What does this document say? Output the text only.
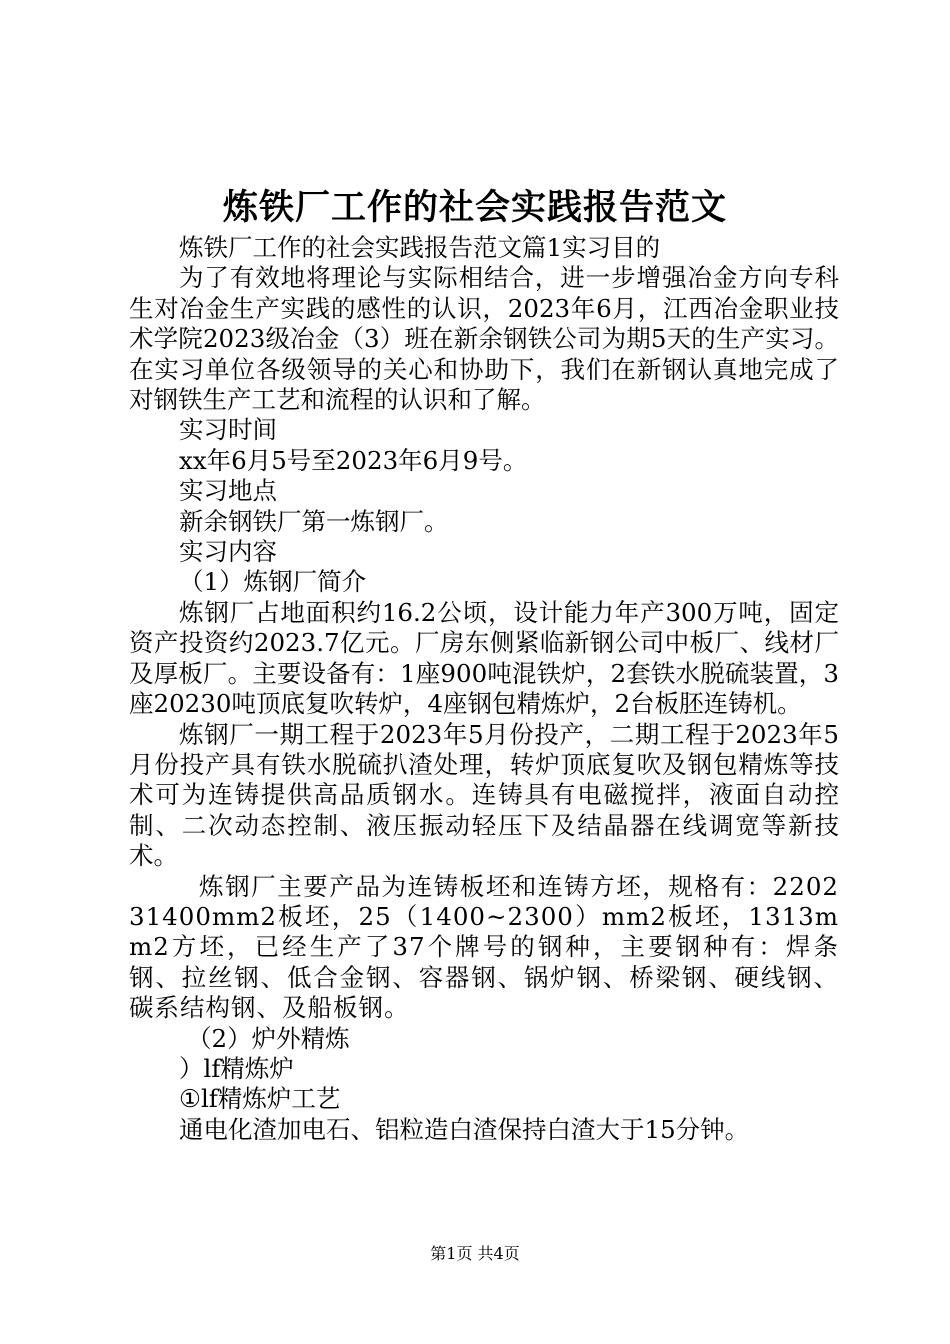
炼铁厂工作的社会实践报告范文

炼铁厂工作的社会实践报告范文篇1实习目的

为了有效地将理论与实际相结合，进一步增强冶金方向专科生对冶金生产实践的感性的认识，2023年6月，江西冶金职业技术学院2023级冶金（3）班在新余钢铁公司为期5天的生产实习。在实习单位各级领导的关心和协助下，我们在新钢认真地完成了对钢铁生产工艺和流程的认识和了解。

实习时间

xx年6月5号至2023年6月9号。

实习地点

新余钢铁厂第一炼钢厂。

实习内容

（1）炼钢厂简介

炼钢厂占地面积约16.2公顷，设计能力年产300万吨，固定资产投资约2023.7亿元。厂房东侧紧临新钢公司中板厂、线材厂及厚板厂。主要设备有：1座900吨混铁炉，2套铁水脱硫装置，3座20230吨顶底复吹转炉，4座钢包精炼炉，2台板胚连铸机。

炼钢厂一期工程于2023年5月份投产，二期工程于2023年5月份投产具有铁水脱硫扒渣处理，转炉顶底复吹及钢包精炼等技术可为连铸提供高品质钢水。连铸具有电磁搅拌，液面自动控制、二次动态控制、液压振动轻压下及结晶器在线调宽等新技术。

炼钢厂主要产品为连铸板坯和连铸方坯，规格有：220231400mm2板坯，25（1400~2300）mm2板坯，1313mm2方坯，已经生产了37个牌号的钢种，主要钢种有：焊条钢、拉丝钢、低合金钢、容器钢、锅炉钢、桥梁钢、硬线钢、碳系结构钢、及船板钢。

（2）炉外精炼

）lf精炼炉

①lf精炼炉工艺

通电化渣加电石、铝粒造白渣保持白渣大于15分钟。

第1页 共4页
